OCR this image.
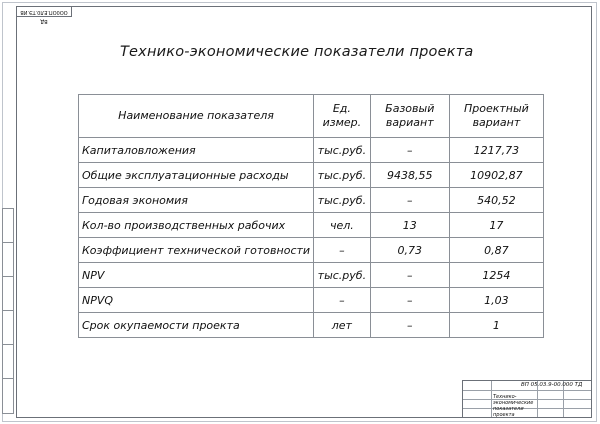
ВД ОО0ОП.ЕЛ0.ТЭ.ИВ
Технико-экономические показатели проекта
Наименование показателя	Ед. измер.	Базовый вариант	Проектный вариант
Капиталовложения	тыс.руб.	–	1217,73
Общие эксплуатационные расходы	тыс.руб.	9438,55	10902,87
Годовая экономия	тыс.руб.	–	540,52
Кол-во производственных рабочих	чел.	13	17
Коэффициент технической готовности	–	0,73	0,87
NPV	тыс.руб.	–	1254
NPVQ	–	–	1,03
Срок окупаемости проекта	лет	–	1
ВП 05.03.9-00.000 ТД
Технико-экономические показатели проекта
